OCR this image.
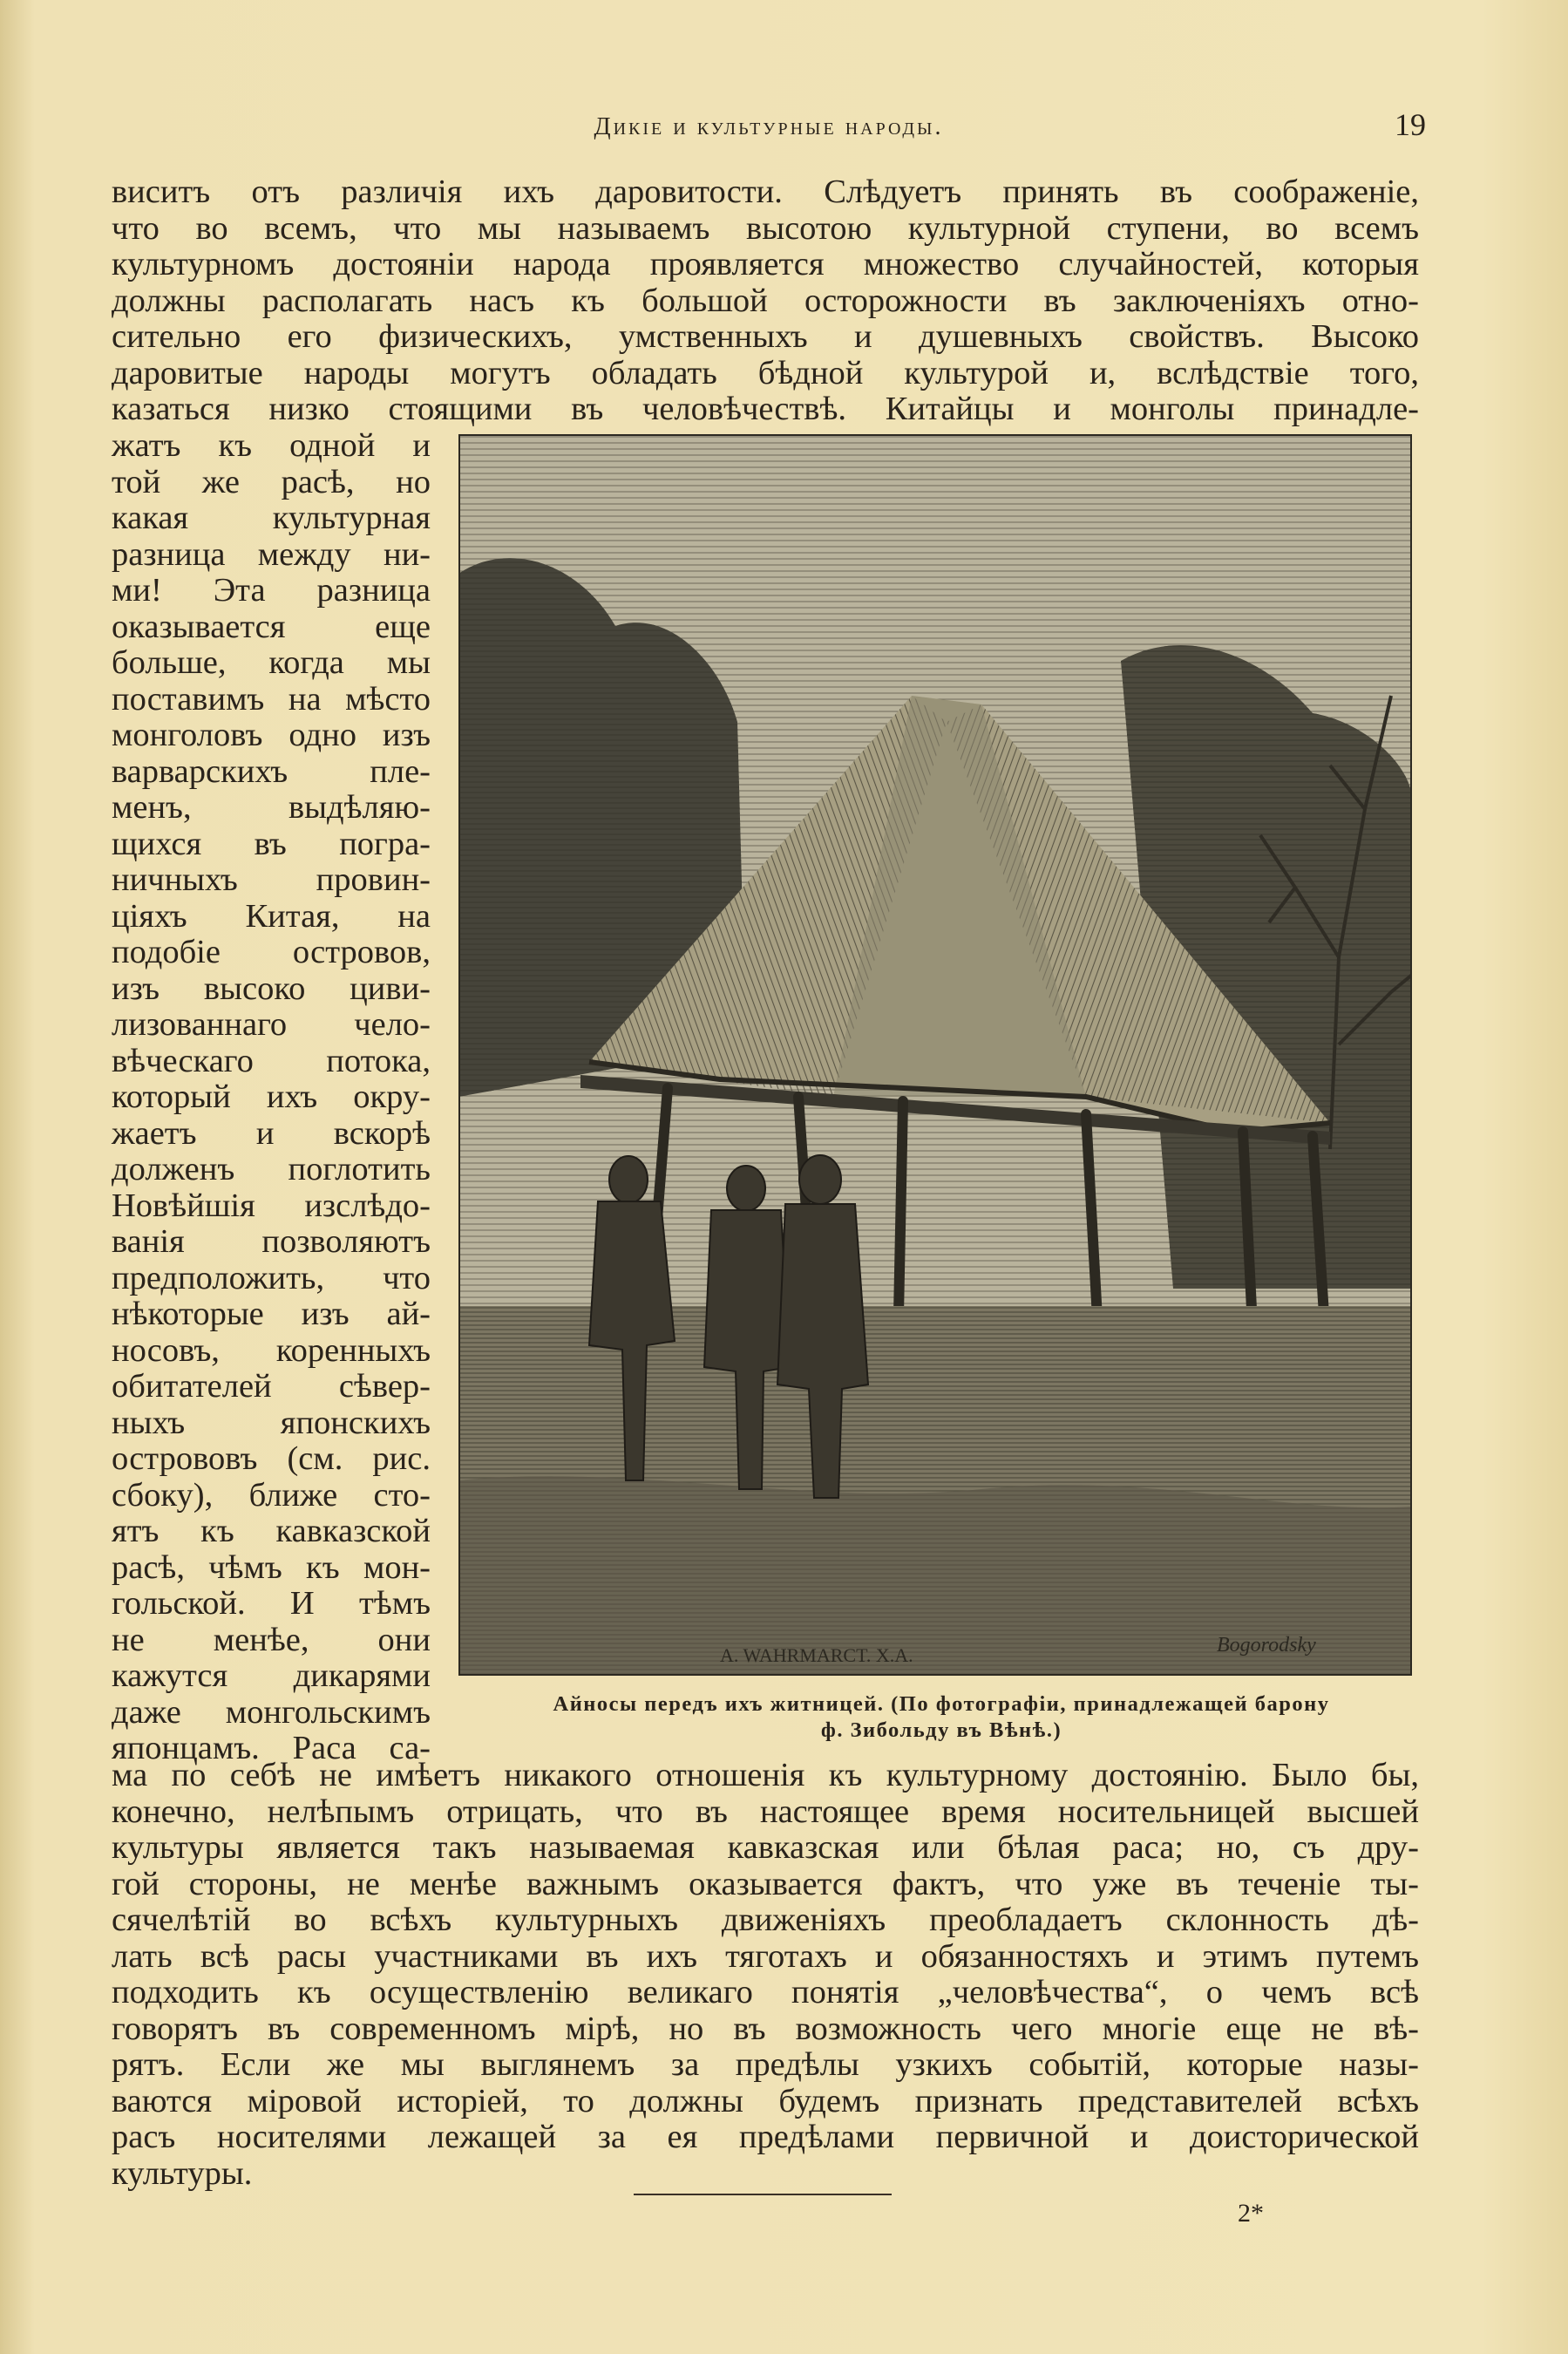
Дикіе и культурные народы.	19
виситъ отъ различія ихъ даровитости. Слѣдуетъ принять въ соображеніе,
что во всемъ, что мы называемъ высотою культурной ступени, во всемъ
культурномъ достояніи народа проявляется множество случайностей, которыя
должны располагать насъ къ большой осторожности въ заключеніяхъ отно-
сительно его физическихъ, умственныхъ и душевныхъ свойствъ. Высоко
даровитые народы могутъ обладать бѣдной культурой и, вслѣдствіе того,
казаться низко стоящими въ человѣчествѣ. Китайцы и монголы принадле-
жатъ къ одной и
той же расѣ, но
какая культурная
разница между ни-
ми! Эта разница
оказывается еще
больше, когда мы
поставимъ на мѣсто
монголовъ одно изъ
варварскихъ пле-
менъ, выдѣляю-
щихся въ погра-
ничныхъ провин-
ціяхъ Китая, на
подобіе островов,
изъ высоко циви-
лизованнаго чело-
вѣческаго потока,
который ихъ окру-
жаетъ и вскорѣ
долженъ поглотить
Новѣйшія изслѣдо-
ванія позволяютъ
предположить, что
нѣкоторые изъ ай-
носовъ, коренныхъ
обитателей сѣвер-
ныхъ японскихъ
острововъ (см. рис.
сбоку), ближе сто-
ятъ къ кавказской
расѣ, чѣмъ къ мон-
гольской. И тѣмъ
не менѣе, они
кажутся дикарями
даже монгольскимъ
японцамъ. Раса са-
A. WAHRMARCT. X.A.	Bogorodsky
Айносы передъ ихъ житницей. (По фотографіи, принадлежащей барону
ф. Зибольду въ Вѣнѣ.)
ма по себѣ не имѣетъ никакого отношенія къ культурному достоянію. Было бы,
конечно, нелѣпымъ отрицать, что въ настоящее время носительницей высшей
культуры является такъ называемая кавказская или бѣлая раса; но, съ дру-
гой стороны, не менѣе важнымъ оказывается фактъ, что уже въ теченіе ты-
сячелѣтій во всѣхъ культурныхъ движеніяхъ преобладаетъ склонность дѣ-
лать всѣ расы участниками въ ихъ тяготахъ и обязанностяхъ и этимъ путемъ
подходить къ осуществленію великаго понятія „человѣчества“, о чемъ всѣ
говорятъ въ современномъ мірѣ, но въ возможность чего многіе еще не вѣ-
рятъ. Если же мы выглянемъ за предѣлы узкихъ событій, которые назы-
ваются міровой исторіей, то должны будемъ признать представителей всѣхъ
расъ носителями лежащей за ея предѣлами первичной и доисторической
культуры.
2*
